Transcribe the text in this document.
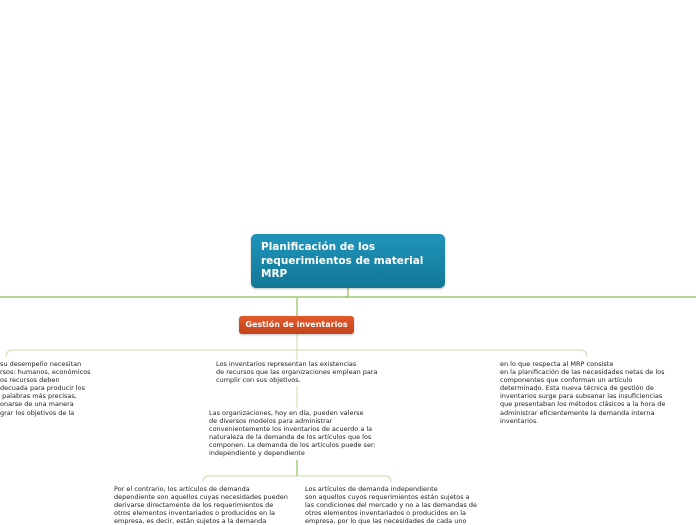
Planificación de los
requerimientos de material
MRP
Gestión de inventarios
su desempeño necesitan
rsos: humanos, económicos
os recursos deben
decuada para producir los
palabras más precisas,
onarse de una manera
grar los objetivos de la
Los inventarios representan las existencias
de recursos que las organizaciones emplean para
cumplir con sus objetivos.
en lo que respecta al MRP consiste
en la planificación de las necesidades netas de los
componentes que conforman un artículo
determinado. Esta nueva técnica de gestión de
inventarios surge para subsanar las insuficiencias
que presentaban los métodos clásicos a la hora de
administrar eficientemente la demanda interna
inventarios.
Las organizaciones, hoy en día, pueden valerse
de diversos modelos para administrar
convenientemente los inventarios de acuerdo a la
naturaleza de la demanda de los artículos que los
componen. La demanda de los artículos puede ser:
independiente y dependiente
Por el contrario, los artículos de demanda
dependiente son aquellos cuyas necesidades pueden
derivarse directamente de los requerimientos de
otros elementos inventariados o producidos en la
empresa, es decir, están sujetos a la demanda
Los artículos de demanda independiente
son aquellos cuyos requerimientos están sujetos a
las condiciones del mercado y no a las demandas de
otros elementos inventariados o producidos en la
empresa, por lo que las necesidades de cada uno
